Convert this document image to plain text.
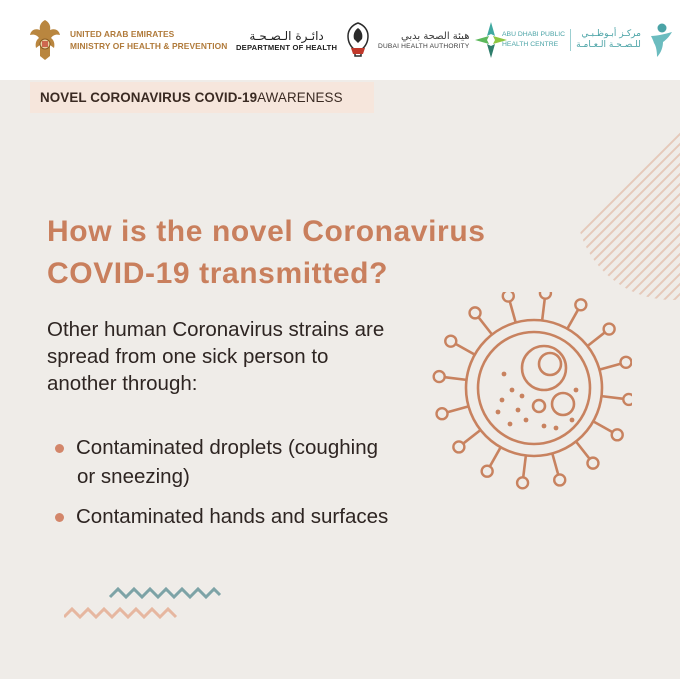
UNITED ARAB EMIRATES
MINISTRY OF HEALTH & PREVENTION
دائـرة الـصـحـة
DEPARTMENT OF HEALTH
هيئة الصحة بدبي
DUBAI HEALTH AUTHORITY
ABU DHABI PUBLIC
HEALTH CENTRE
مركـز أبـوظـبـي
للـصـحـة الـعـامـة
NOVEL CORONAVIRUS COVID-19 AWARENESS
How is the novel Coronavirus
COVID-19 transmitted?
Other human Coronavirus strains are
spread from one sick person to
another through:
Contaminated droplets (coughing
or sneezing)
Contaminated hands and surfaces
